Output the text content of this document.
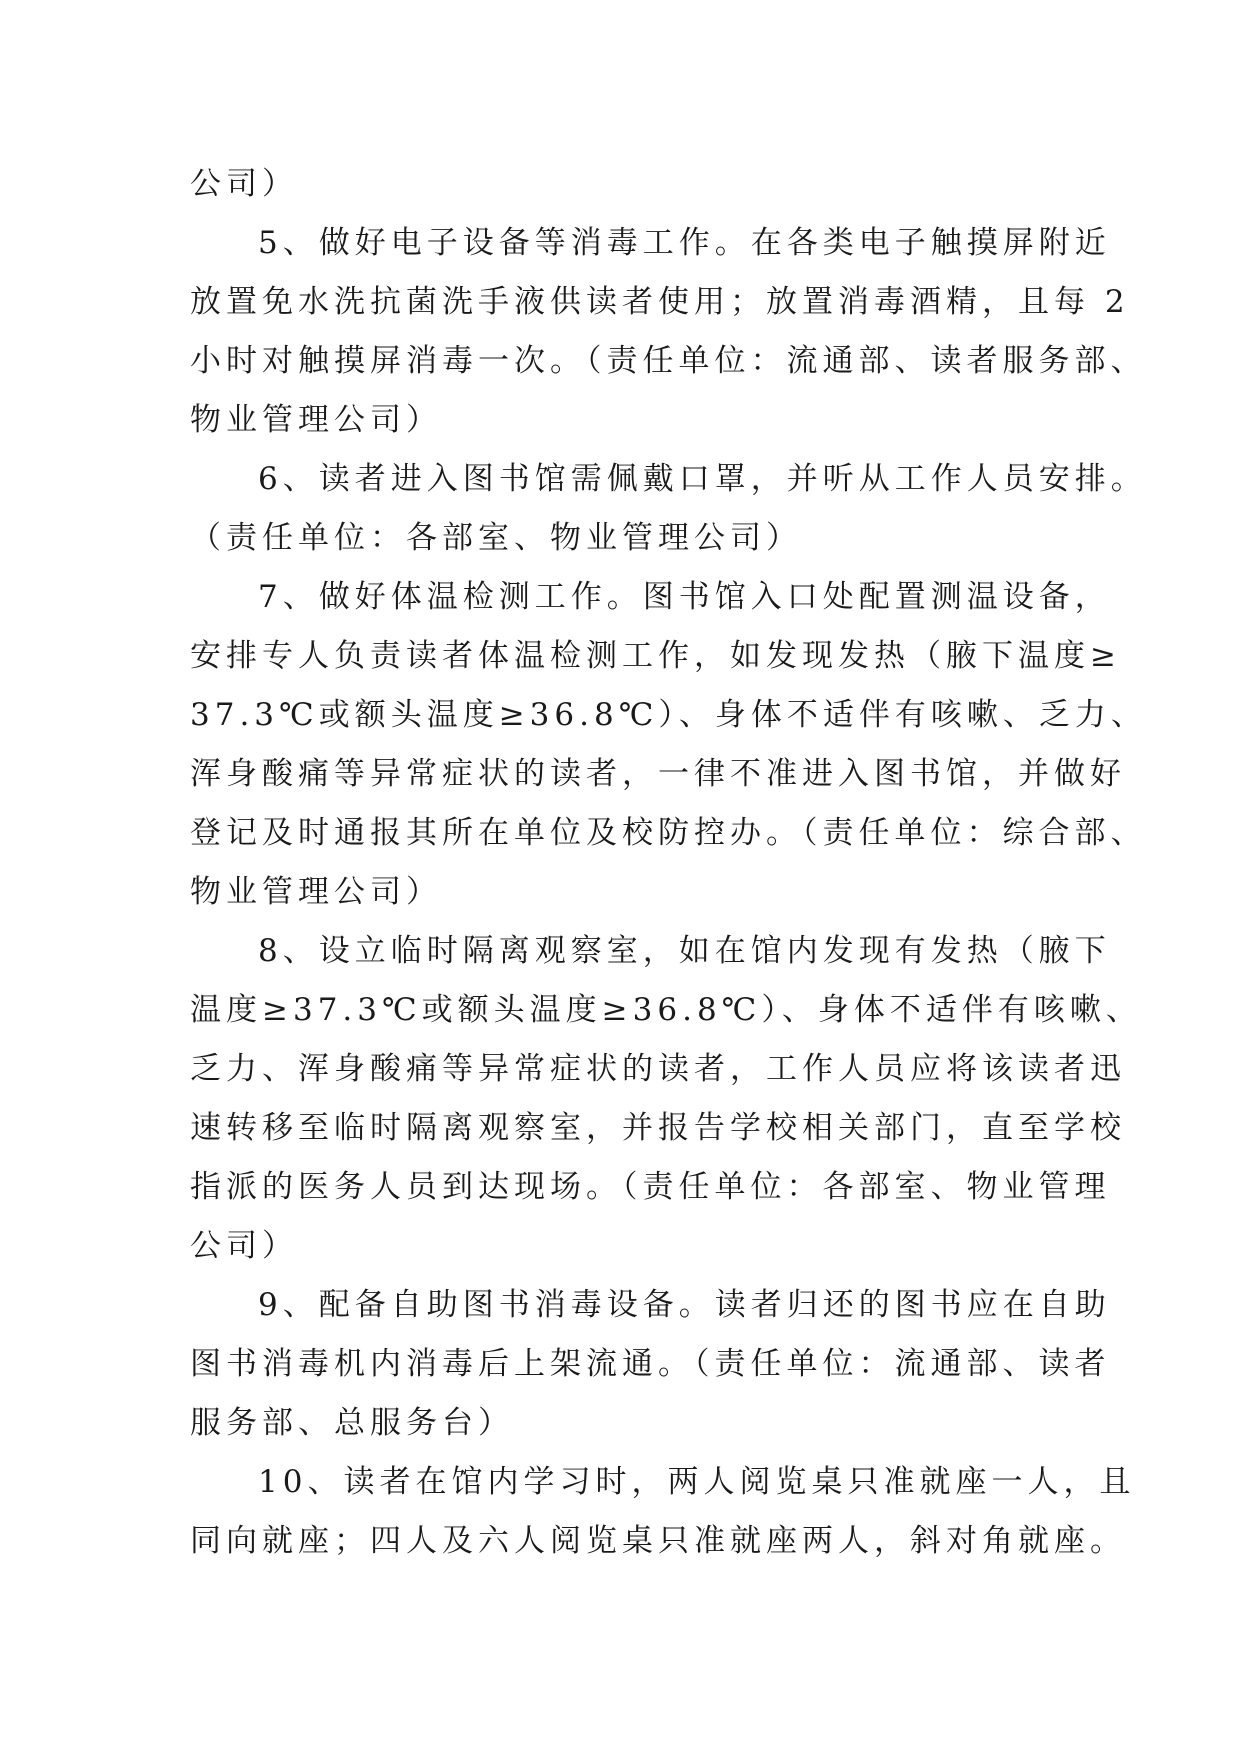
公司）
5、做好电子设备等消毒工作。在各类电子触摸屏附近
放置免水洗抗菌洗手液供读者使用；放置消毒酒精，且每 2
小时对触摸屏消毒一次。（责任单位：流通部、读者服务部、
物业管理公司）
6、读者进入图书馆需佩戴口罩，并听从工作人员安排。
（责任单位：各部室、物业管理公司）
7、做好体温检测工作。图书馆入口处配置测温设备，
安排专人负责读者体温检测工作，如发现发热（腋下温度≥
37.3℃或额头温度≥36.8℃）、身体不适伴有咳嗽、乏力、
浑身酸痛等异常症状的读者，一律不准进入图书馆，并做好
登记及时通报其所在单位及校防控办。（责任单位：综合部、
物业管理公司）
8、设立临时隔离观察室，如在馆内发现有发热（腋下
温度≥37.3℃或额头温度≥36.8℃）、身体不适伴有咳嗽、
乏力、浑身酸痛等异常症状的读者，工作人员应将该读者迅
速转移至临时隔离观察室，并报告学校相关部门，直至学校
指派的医务人员到达现场。（责任单位：各部室、物业管理
公司）
9、配备自助图书消毒设备。读者归还的图书应在自助
图书消毒机内消毒后上架流通。（责任单位：流通部、读者
服务部、总服务台）
10、读者在馆内学习时，两人阅览桌只准就座一人，且
同向就座；四人及六人阅览桌只准就座两人，斜对角就座。
